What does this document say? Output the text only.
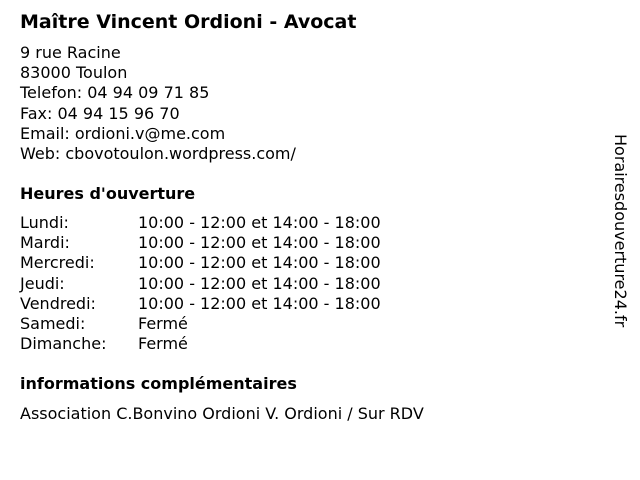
Maître Vincent Ordioni - Avocat
9 rue Racine
83000 Toulon
Telefon: 04 94 09 71 85
Fax: 04 94 15 96 70
Email: ordioni.v@me.com
Web: cbovotoulon.wordpress.com/
Heures d'ouverture
Lundi:	10:00 - 12:00 et 14:00 - 18:00
Mardi:	10:00 - 12:00 et 14:00 - 18:00
Mercredi:	10:00 - 12:00 et 14:00 - 18:00
Jeudi:	10:00 - 12:00 et 14:00 - 18:00
Vendredi:	10:00 - 12:00 et 14:00 - 18:00
Samedi:	Fermé
Dimanche:	Fermé
informations complémentaires
Association C.Bonvino Ordioni V. Ordioni / Sur RDV
Horairesdouverture24.fr
